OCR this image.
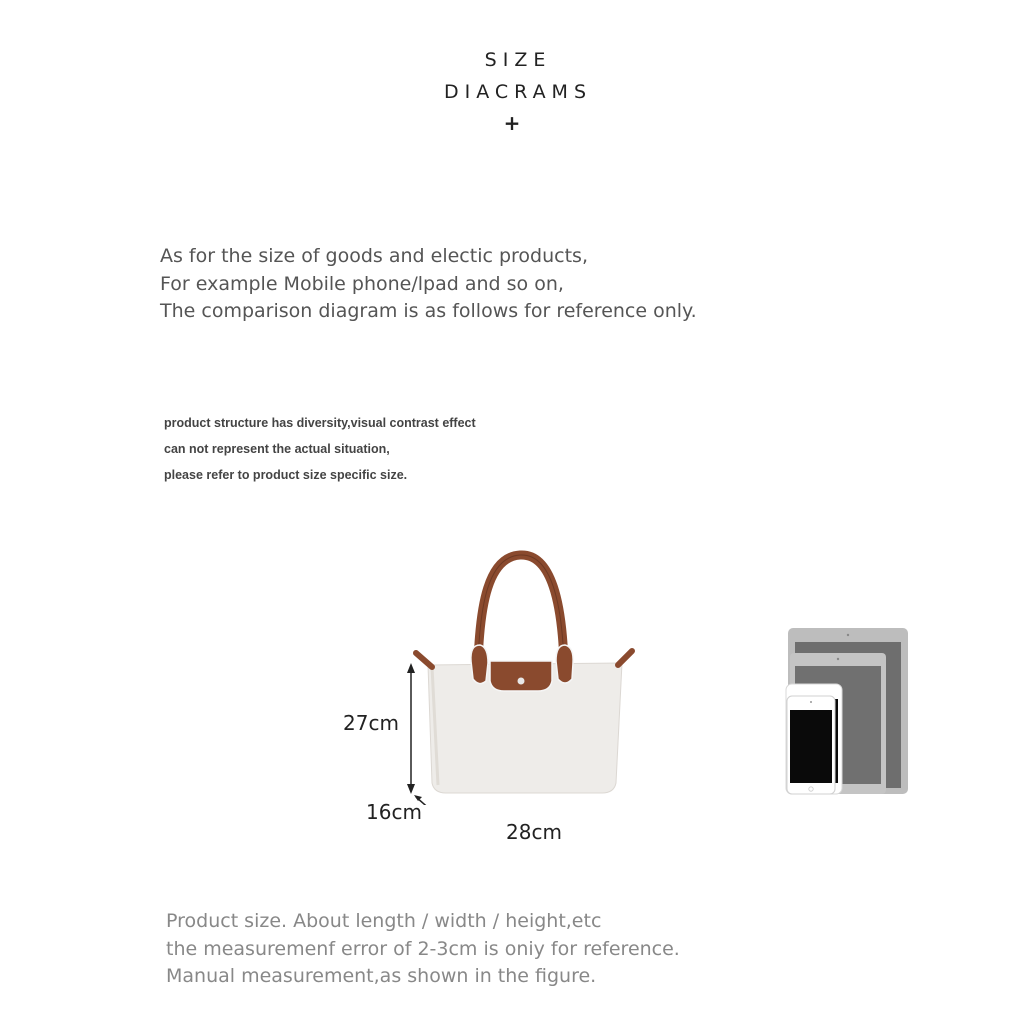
SIZE
DIACRAMS
+
As for the size of goods and electic products,
For example Mobile phone/lpad and so on,
The comparison diagram is as follows for reference only.
product structure has diversity,visual contrast effect
can not represent the actual situation,
please refer to product size specific size.
27cm
16cm
28cm
Product size. About length / width / height,etc
the measuremenf error of 2-3cm is oniy for reference.
Manual measurement,as shown in the figure.
